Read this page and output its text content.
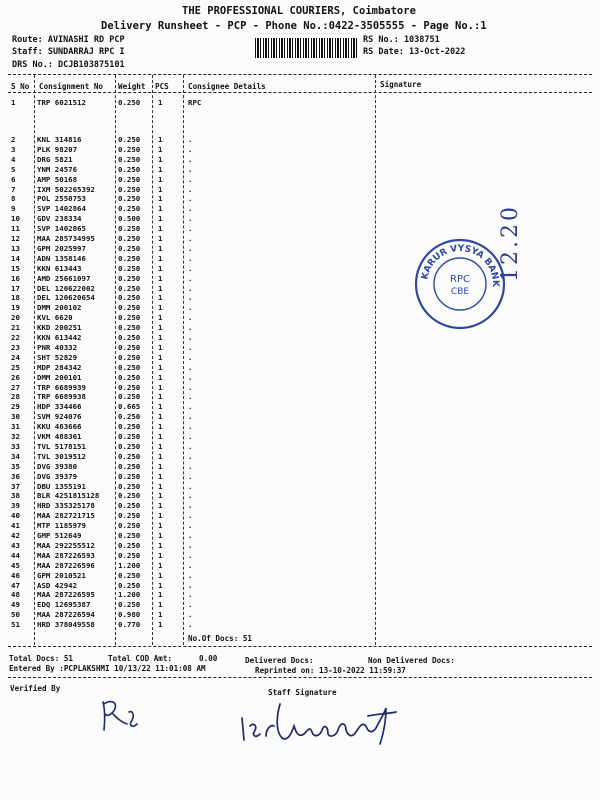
THE PROFESSIONAL COURIERS, Coimbatore
Delivery Runsheet - PCP - Phone No.:0422-3505555 - Page No.:1
Route: AVINASHI RD PCP
Staff: SUNDARRAJ RPC I
DRS No.: DCJB103875101
RS No.: 1038751
RS Date: 13-Oct-2022
S No Consignment No Weight PCS	Consignee Details	Signature
1	TRP 6021512	0.250 1	RPC
2	KNL 314816	0.250 1	.
3	PLK 98207	0.250 1	.
4	DRG 5821	0.250 1	.
5	YNM 24576	0.250 1	.
6	AMP 50168	0.250 1	.
7	IXM 502265392	0.250 1	.
8	POL 2550753	0.250 1	.
9	SVP 1402864	0.250 1	.
10 GDV 238334	0.500 1	.
11 SVP 1402865	0.250 1	.
12 MAA 285734995	0.250 1	.
13 GPM 2025997	0.250 1	.
14 ADN 1358146	0.250 1	.
15 KKN 613443	0.250 1	.
16 AMD 25661097	0.250 1	.
17 DEL 120622002	0.250 1	.
18 DEL 120620654	0.250 1	.
19 DMM 200102	0.250 1	.
20 KVL 6620	0.250 1	.
21 KKD 200251	0.250 1	.
22 KKN 613442	0.250 1	.
23 PNR 40332	0.250 1	.
24 SHT 52829	0.250 1	.
25 MDP 284342	0.250 1	.
26 DMM 200101	0.250 1	.
27 TRP 6689939	0.250 1	.
28 TRP 6689938	0.250 1	.
29 HDP 334466	0.665 1	.
30 SVM 924076	0.250 1	.
31 KKU 463666	0.250 1	.
32 VKM 488361	0.250 1	.
33 TVL 5178151	0.250 1	.
34 TVL 3019512	0.250 1	.
35 DVG 39380	0.250 1	.
36 DVG 39379	0.250 1	.
37 DBU 1355191	0.250 1	.
38 BLR 4251815128	0.250 1	.
39 HRD 335325178	0.250 1	.
40 MAA 282721715	0.250 1	.
41 MTP 1185979	0.250 1	.
42 GMP 512649	0.250 1	.
43 MAA 292255512	0.250 1	.
44 MAA 287226593	0.250 1	.
45 MAA 287226596	1.200 1	.
46 GPM 2010521	0.250 1	.
47 ASD 42942	0.250 1	.
48 MAA 287226595	1.200 1	.
49 EDQ 12695387	0.250 1	.
50 MAA 287226594	0.980 1	.
51 HRD 378049558	0.770 1	.
No.Of Docs: 51
Total Docs: 51	Total COD Amt:	0.00	Delivered Docs:	Non Delivered Docs:
Entered By :PCPLAKSHMI 10/13/22 11:01:08 AM	Reprinted on: 13-10-2022 11:59:37
Verified By	Staff Signature
KARUR VYSYA BANK
RPC
CBE
12.20
